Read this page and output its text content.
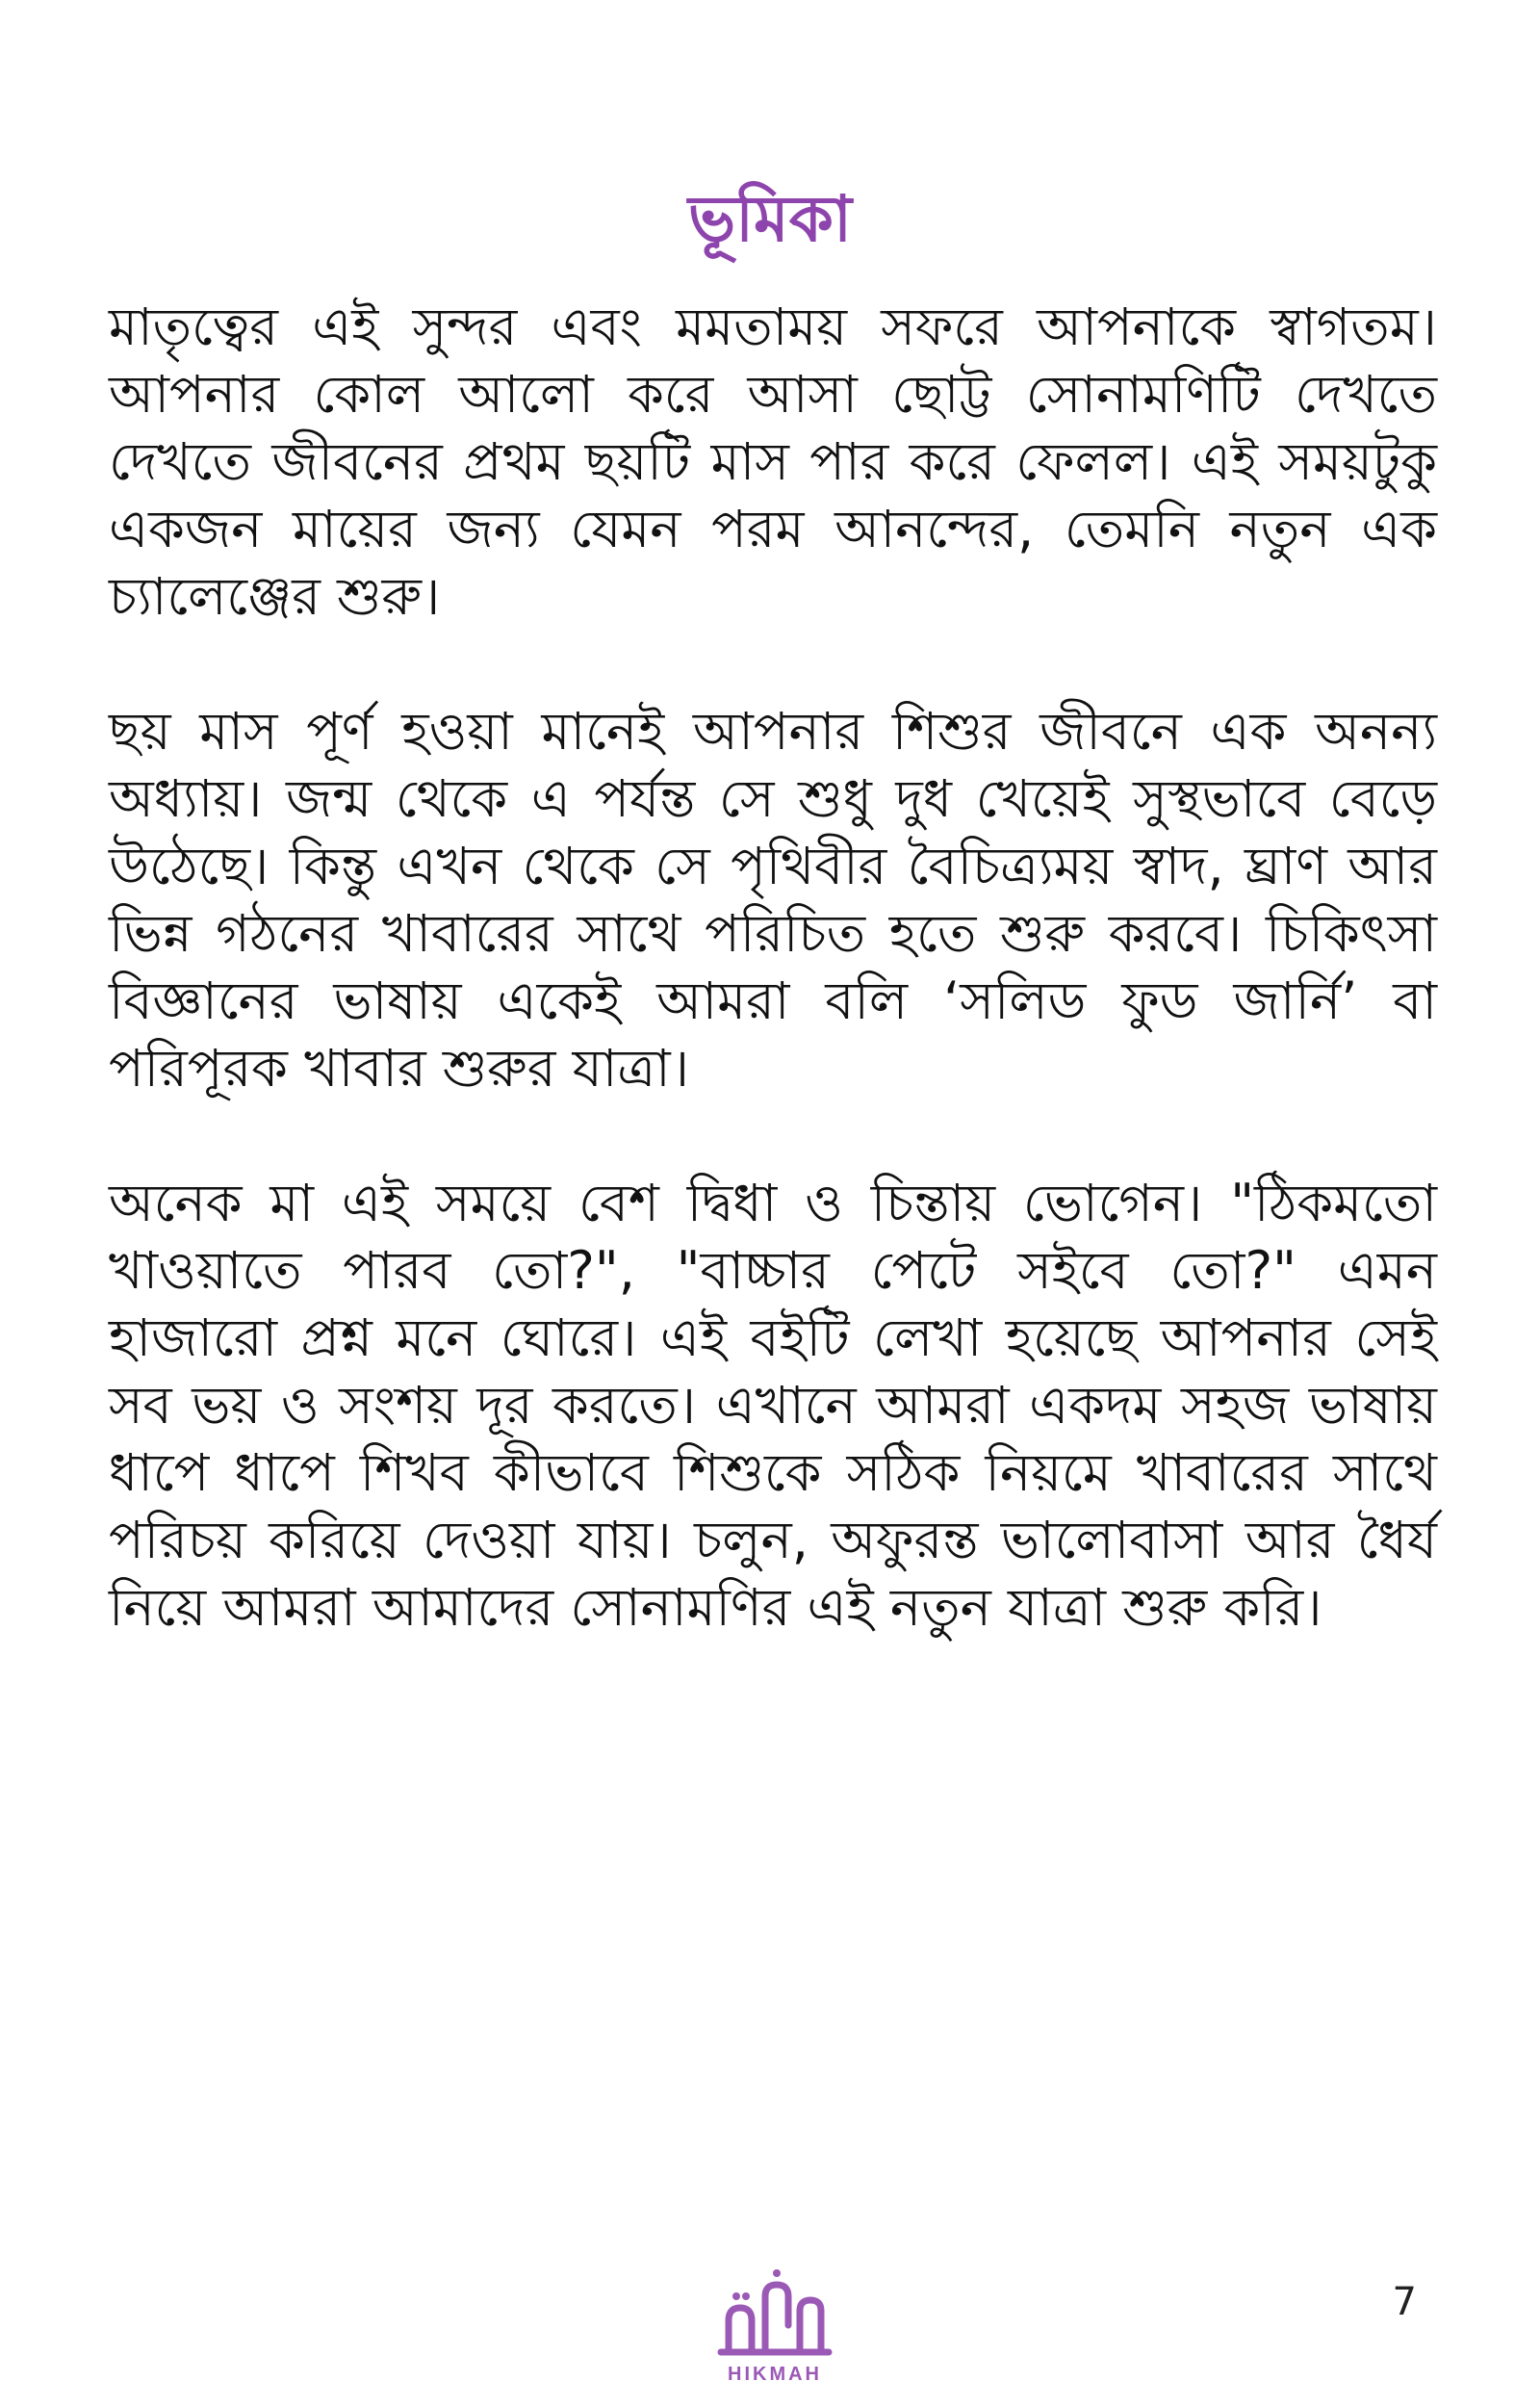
ভূমিকা

মাতৃত্বের এই সুন্দর এবং মমতাময় সফরে আপনাকে স্বাগতম। আপনার কোল আলো করে আসা ছোট্ট সোনামণিটি দেখতে দেখতে জীবনের প্রথম ছয়টি মাস পার করে ফেলল। এই সময়টুকু একজন মায়ের জন্য যেমন পরম আনন্দের, তেমনি নতুন এক চ্যালেঞ্জের শুরু।

ছয় মাস পূর্ণ হওয়া মানেই আপনার শিশুর জীবনে এক অনন্য অধ্যায়। জন্ম থেকে এ পর্যন্ত সে শুধু দুধ খেয়েই সুস্থভাবে বেড়ে উঠেছে। কিন্তু এখন থেকে সে পৃথিবীর বৈচিত্র্যময় স্বাদ, ঘ্রাণ আর ভিন্ন গঠনের খাবারের সাথে পরিচিত হতে শুরু করবে। চিকিৎসা বিজ্ঞানের ভাষায় একেই আমরা বলি ‘সলিড ফুড জার্নি’ বা পরিপূরক খাবার শুরুর যাত্রা।

অনেক মা এই সময়ে বেশ দ্বিধা ও চিন্তায় ভোগেন। "ঠিকমতো খাওয়াতে পারব তো?", "বাচ্চার পেটে সইবে তো?" এমন হাজারো প্রশ্ন মনে ঘোরে। এই বইটি লেখা হয়েছে আপনার সেই সব ভয় ও সংশয় দূর করতে। এখানে আমরা একদম সহজ ভাষায় ধাপে ধাপে শিখব কীভাবে শিশুকে সঠিক নিয়মে খাবারের সাথে পরিচয় করিয়ে দেওয়া যায়। চলুন, অফুরন্ত ভালোবাসা আর ধৈর্য নিয়ে আমরা আমাদের সোনামণির এই নতুন যাত্রা শুরু করি।

HIKMAH
7
